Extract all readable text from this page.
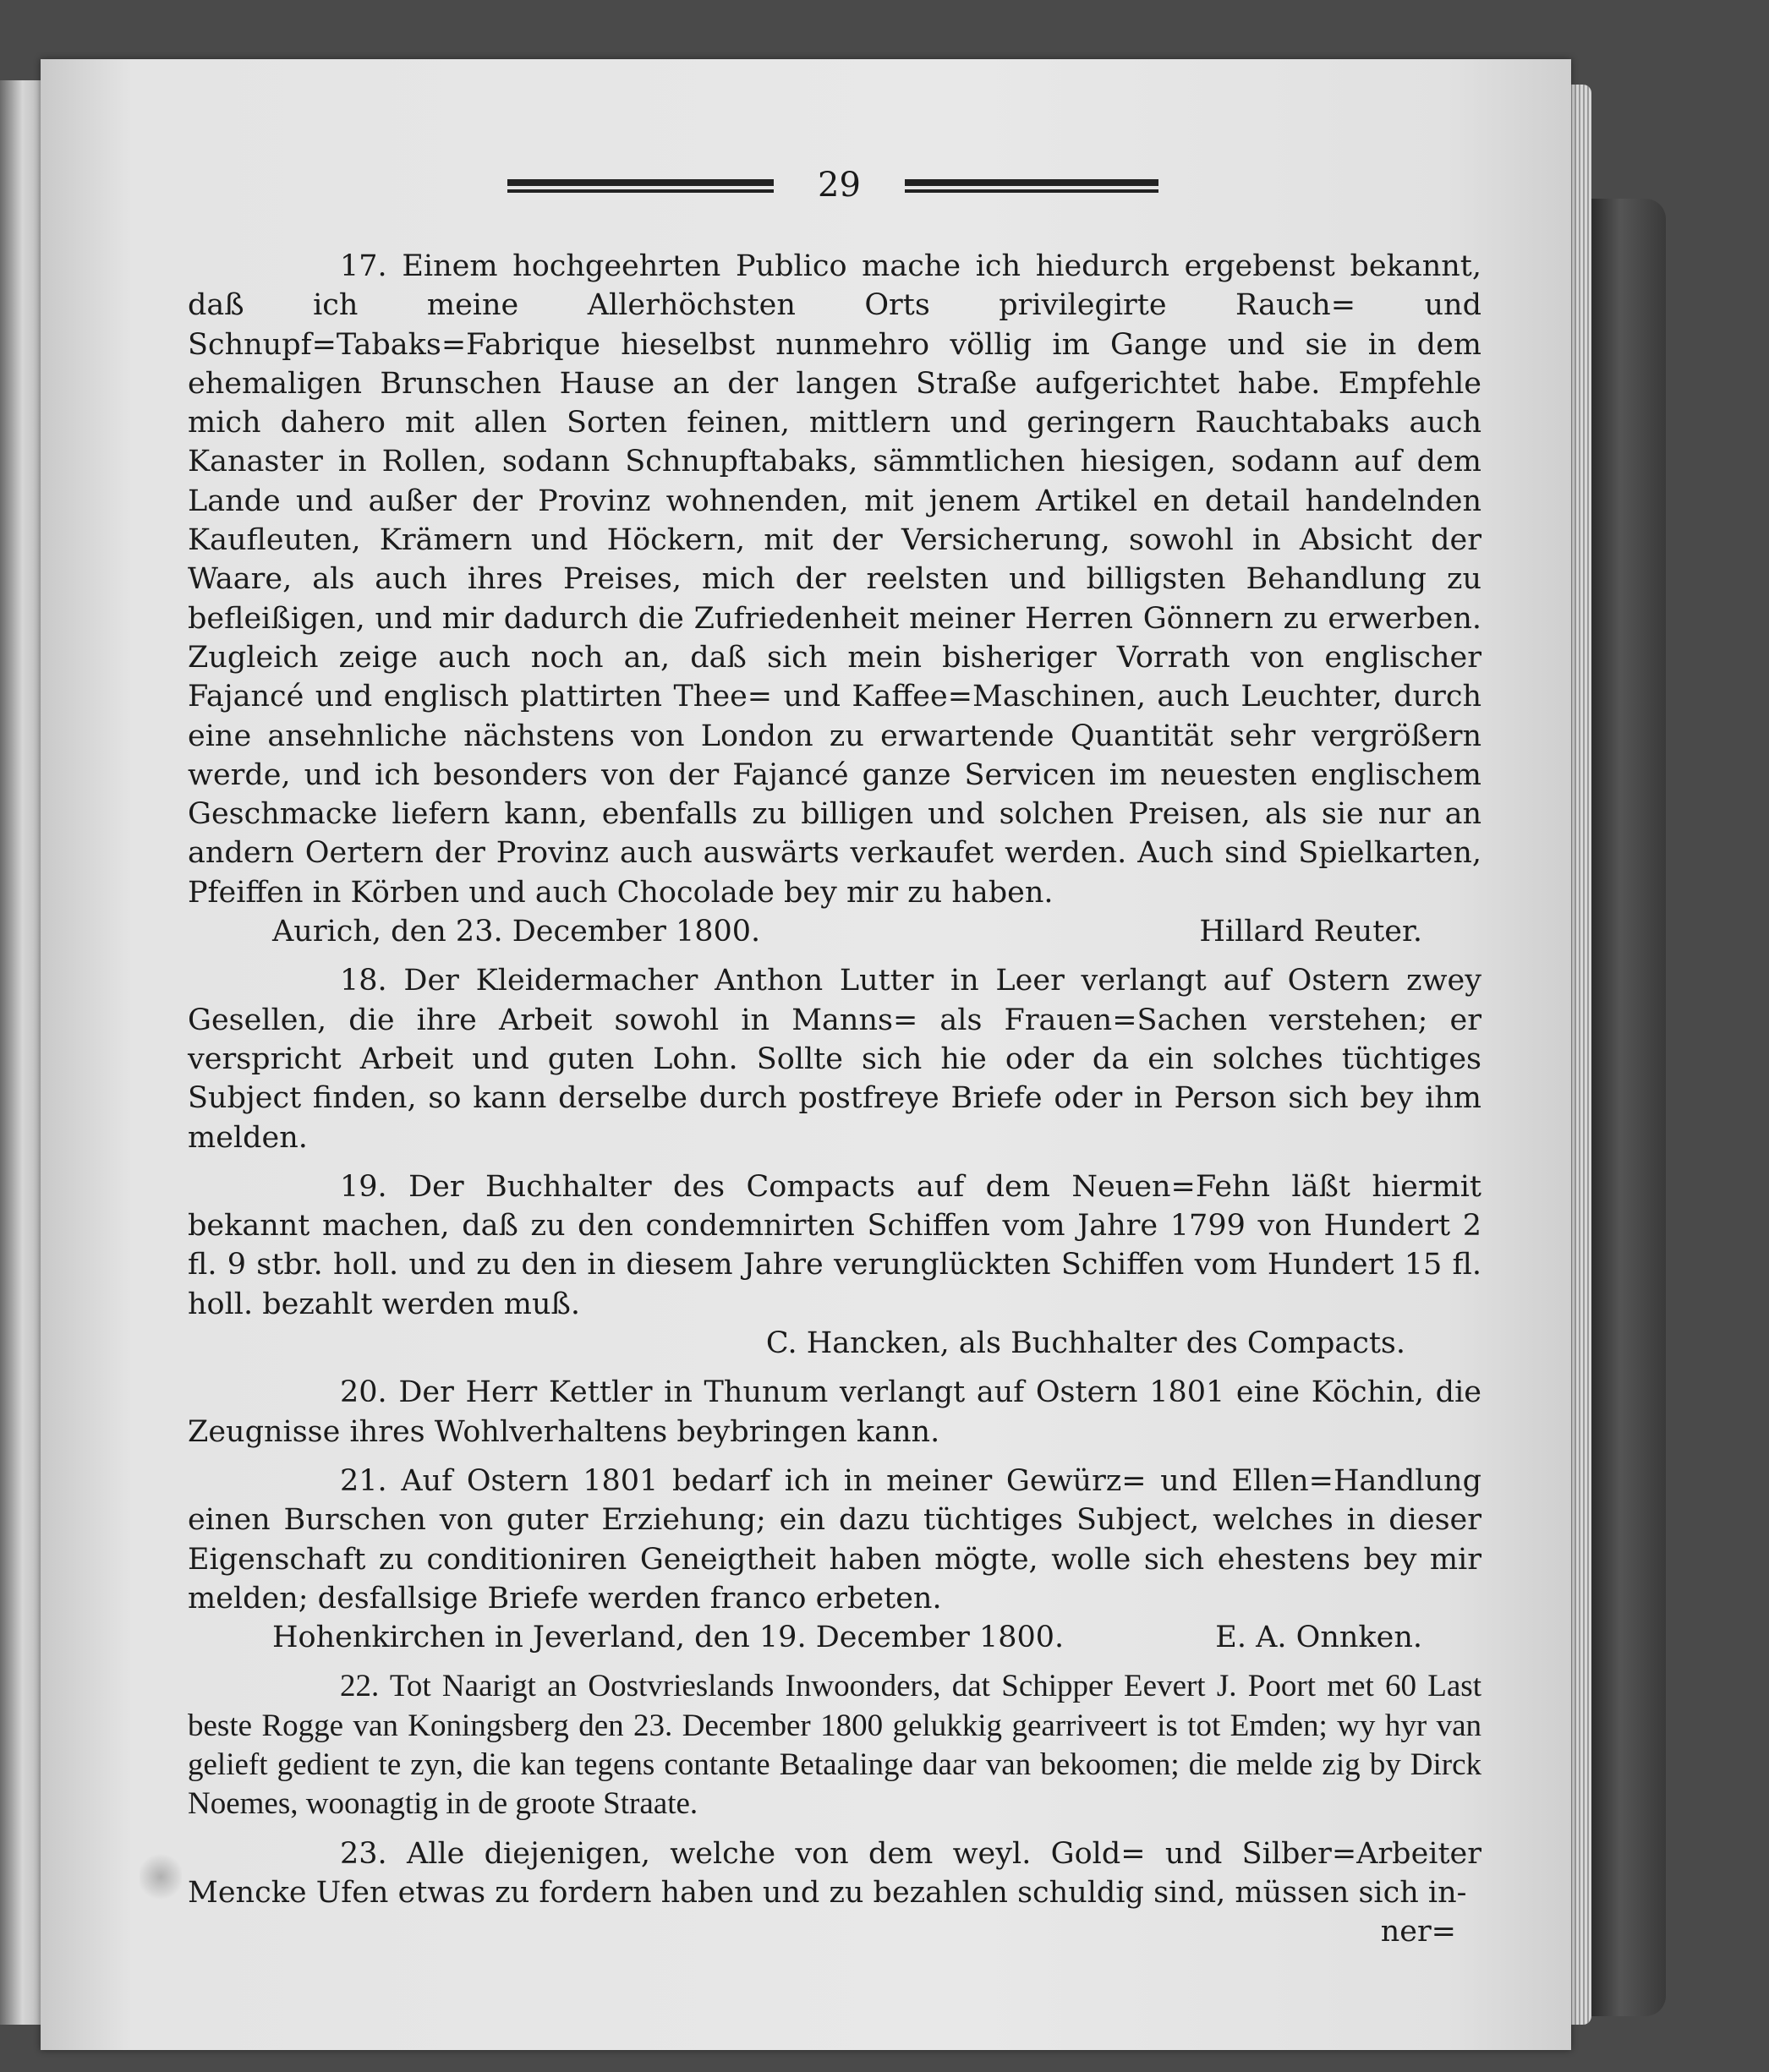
29

17. Einem hochgeehrten Publico mache ich hiedurch ergebenst bekannt, daß ich meine Allerhöchsten Orts privilegirte Rauch= und Schnupf=Tabaks=Fabrique hieselbst nunmehro völlig im Gange und sie in dem ehemaligen Brunschen Hause an der langen Straße aufgerichtet habe. Empfehle mich dahero mit allen Sorten feinen, mittlern und geringern Rauchtabaks auch Kanaster in Rollen, sodann Schnupftabaks, sämmtlichen hiesigen, sodann auf dem Lande und außer der Provinz wohnenden, mit jenem Artikel en detail handelnden Kaufleuten, Krämern und Höckern, mit der Versicherung, sowohl in Absicht der Waare, als auch ihres Preises, mich der reelsten und billigsten Behandlung zu befleißigen, und mir dadurch die Zufriedenheit meiner Herren Gönnern zu erwerben. Zugleich zeige auch noch an, daß sich mein bisheriger Vorrath von englischer Fajancé und englisch plattirten Thee= und Kaffee=Maschinen, auch Leuchter, durch eine ansehnliche nächstens von London zu erwartende Quantität sehr vergrößern werde, und ich besonders von der Fajancé ganze Servicen im neuesten englischem Geschmacke liefern kann, ebenfalls zu billigen und solchen Preisen, als sie nur an andern Oertern der Provinz auch auswärts verkaufet werden. Auch sind Spielkarten, Pfeiffen in Körben und auch Chocolade bey mir zu haben.

Aurich, den 23. December 1800.	Hillard Reuter.

18. Der Kleidermacher Anthon Lutter in Leer verlangt auf Ostern zwey Gesellen, die ihre Arbeit sowohl in Manns= als Frauen=Sachen verstehen; er verspricht Arbeit und guten Lohn. Sollte sich hie oder da ein solches tüchtiges Subject finden, so kann derselbe durch postfreye Briefe oder in Person sich bey ihm melden.

19. Der Buchhalter des Compacts auf dem Neuen=Fehn läßt hiermit bekannt machen, daß zu den condemnirten Schiffen vom Jahre 1799 von Hundert 2 fl. 9 stbr. holl. und zu den in diesem Jahre verunglückten Schiffen vom Hundert 15 fl. holl. bezahlt werden muß.

C. Hancken, als Buchhalter des Compacts.

20. Der Herr Kettler in Thunum verlangt auf Ostern 1801 eine Köchin, die Zeugnisse ihres Wohlverhaltens beybringen kann.

21. Auf Ostern 1801 bedarf ich in meiner Gewürz= und Ellen=Handlung einen Burschen von guter Erziehung; ein dazu tüchtiges Subject, welches in dieser Eigenschaft zu conditioniren Geneigtheit haben mögte, wolle sich ehestens bey mir melden; desfallsige Briefe werden franco erbeten.

Hohenkirchen in Jeverland, den 19. December 1800.	E. A. Onnken.

22. Tot Naarigt an Oostvrieslands Inwoonders, dat Schipper Eevert J. Poort met 60 Last beste Rogge van Koningsberg den 23. December 1800 gelukkig gearriveert is tot Emden; wy hyr van gelieft gedient te zyn, die kan tegens contante Betaalinge daar van bekoomen; die melde zig by Dirck Noemes, woonagtig in de groote Straate.

23. Alle diejenigen, welche von dem weyl. Gold= und Silber=Arbeiter Mencke Ufen etwas zu fordern haben und zu bezahlen schuldig sind, müssen sich in-

ner=
